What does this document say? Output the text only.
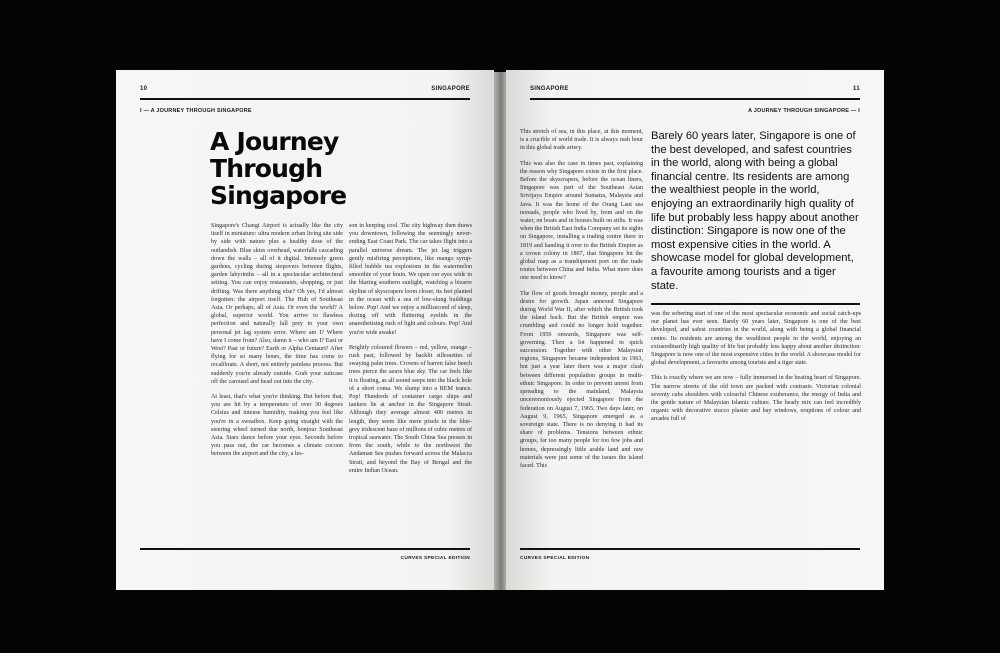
10	SINGAPORE
I — A JOURNEY THROUGH SINGAPORE
A Journey Through Singapore

Singapore's Changi Airport is actually like the city itself in miniature: ultra modern urban living site side by side with nature plus a healthy dose of the outlandish. Blue skies overhead, waterfalls cascading down the walls – all of it digital. Intensely green gardens, cycling during stopovers between flights, garden labyrinths – all in a spectacular architectural setting. You can enjoy restaurants, shopping, or just drifting. Was there anything else? Oh yes, I'd almost forgotten: the airport itself. The Hub of Southeast Asia. Or perhaps, all of Asia. Or even the world? A global, superior world. You arrive to flawless perfection and naturally fall prey to your own personal jet lag system error. Where am I? Where have I come from? Also, damn it – who am I? East or West? Past or future? Earth or Alpha Centauri? After flying for so many hours, the time has come to recalibrate. A short, not entirely painless process. But suddenly you're already outside. Grab your suitcase off the carousel and head out into the city.

At least, that's what you're thinking. But before that, you are hit by a temperature of over 30 degrees Celsius and intense humidity, making you feel like you're in a sweatbox. Keep going straight with the steering wheel turned due north, bonjour Southeast Asia. Stars dance before your eyes. Seconds before you pass out, the car becomes a climate cocoon between the airport and the city, a les-

son in keeping cool. The city highway then draws you downtown, following the seemingly never-ending East Coast Park. The car takes flight into a parallel universe dream. The jet lag triggers gently misfiring perceptions, like mango syrup-filled bubble tea explosions in the watermelon smoothie of your brain. We open our eyes wide in the blazing southern sunlight, watching a bizarre skyline of skyscrapers loom closer, its feet planted in the ocean with a sea of low-slung buildings below. Pop! And we enjoy a millisecond of sleep, dozing off with fluttering eyelids in the anaesthetising rush of light and colours. Pop! And you're wide awake!

Brightly coloured flowers – red, yellow, orange – rush past, followed by backlit silhouettes of swaying palm trees. Crowns of barren false beech trees pierce the azure blue sky. The car feels like it is floating, as all sound seeps into the black hole of a short coma. We slump into a REM trance. Pop! Hundreds of container cargo ships and tankers lie at anchor in the Singapore Strait. Although they average almost 400 metres in length, they seem like mere pixels in the blue-grey iridescent haze of millions of cubic metres of tropical seawater. The South China Sea presses in from the south, while to the northwest the Andaman Sea pushes forward across the Malacca Strait, and beyond the Bay of Bengal and the entire Indian Ocean.

CURVES SPECIAL EDITION
SINGAPORE	11
A JOURNEY THROUGH SINGAPORE — I

This stretch of sea, in this place, at this moment, is a crucible of world trade. It is always rush hour in this global trade artery.

This was also the case in times past, explaining the reason why Singapore exists in the first place. Before the skyscrapers, before the ocean liners, Singapore was part of the Southeast Asian Srivijaya Empire around Sumatra, Malaysia and Java. It was the home of the Orang Laut sea nomads, people who lived by, from and on the water, on boats and in houses built on stilts. It was when the British East India Company set its sights on Singapore, installing a trading centre there in 1819 and handing it over to the British Empire as a crown colony in 1867, that Singapore hit the global map as a transhipment port on the trade routes between China and India. What more does one need to know?

The flow of goods brought money, people and a desire for growth. Japan annexed Singapore during World War II, after which the British took the island back. But the British empire was crumbling and could no longer hold together. From 1959 onwards, Singapore was self-governing. Then a lot happened in quick succession. Together with other Malaysian regions, Singapore became independent in 1963, but just a year later there was a major clash between different population groups in multi-ethnic Singapore. In order to prevent unrest from spreading to the mainland, Malaysia unceremoniously ejected Singapore from the federation on August 7, 1965. Two days later, on August 9, 1965, Singapore emerged as a sovereign state. There is no denying it had its share of problems. Tensions between ethnic groups, far too many people for too few jobs and homes, depressingly little arable land and raw materials were just some of the issues the island faced. This

Barely 60 years later, Singapore is one of the best developed, and safest countries in the world, along with being a global financial centre. Its residents are among the wealthiest people in the world, enjoying an extraordinarily high quality of life but probably less happy about another distinction: Singapore is now one of the most expensive cities in the world. A showcase model for global development, a favourite among tourists and a tiger state.

was the sobering start of one of the most spectacular economic and social catch-ups our planet has ever seen. Barely 60 years later, Singapore is one of the best developed, and safest countries in the world, along with being a global financial centre. Its residents are among the wealthiest people in the world, enjoying an extraordinarily high quality of life but probably less happy about another distinction: Singapore is now one of the most expensive cities in the world. A showcase model for global development, a favourite among tourists and a tiger state.

This is exactly where we are now – fully immersed in the beating heart of Singapore. The narrow streets of the old town are packed with contrasts. Victorian colonial seventy cubs shoulders with colourful Chinese exuberance, the energy of India and the gentle nature of Malaysian Islamic culture. The heady mix can feel incredibly organic with decorative stucco plaster and bay windows, eruptions of colour and arcades full of

CURVES SPECIAL EDITION
